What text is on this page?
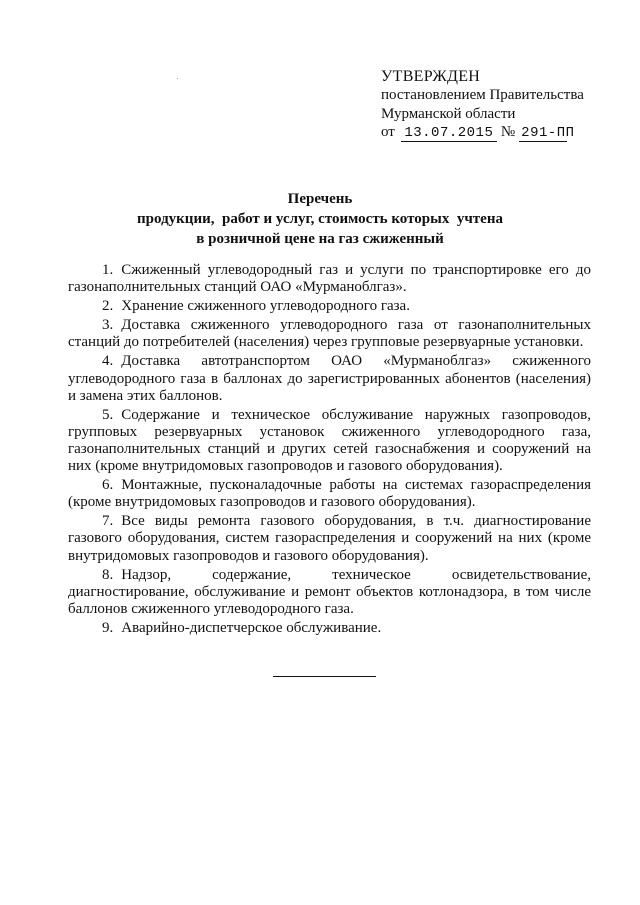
УТВЕРЖДЕН
постановлением Правительства
Мурманской области
от 13.07.2015 № 291-ПП
Перечень
продукции,  работ и услуг, стоимость которых  учтена
в розничной цене на газ сжиженный

1. Сжиженный углеводородный газ и услуги по транспортировке его до газонаполнительных станций ОАО «Мурманоблгаз».

2. Хранение сжиженного углеводородного газа.

3. Доставка сжиженного углеводородного газа от газонаполнительных станций до потребителей (населения) через групповые резервуарные установки.

4. Доставка автотранспортом ОАО «Мурманоблгаз» сжиженного углеводородного газа в баллонах до зарегистрированных абонентов (населения) и замена этих баллонов.

5. Содержание и техническое обслуживание наружных газопроводов, групповых резервуарных установок сжиженного углеводородного газа, газонаполнительных станций и других сетей газоснабжения и сооружений на них (кроме внутридомовых газопроводов и газового оборудования).

6. Монтажные, пусконаладочные работы на системах газораспределения (кроме внутридомовых газопроводов и газового оборудования).

7. Все виды ремонта газового оборудования, в т.ч. диагностирование газового оборудования, систем газораспределения и сооружений на них (кроме внутридомовых газопроводов и газового оборудования).

8. Надзор, содержание, техническое освидетельствование, диагностирование, обслуживание и ремонт объектов котлонадзора, в том числе баллонов сжиженного углеводородного газа.

9. Аварийно-диспетчерское обслуживание.
